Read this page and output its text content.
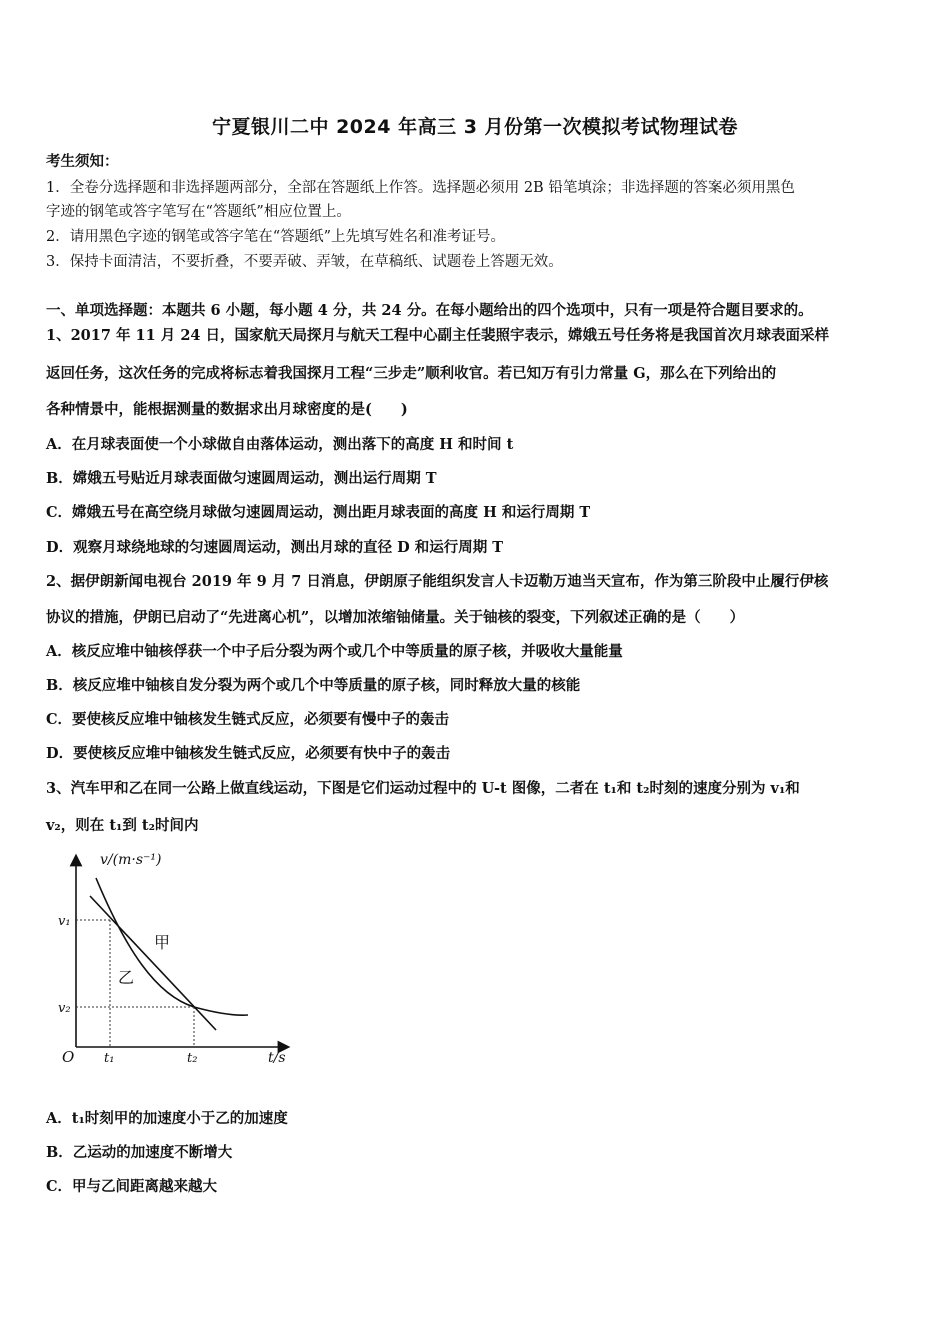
宁夏银川二中 2024 年高三 3 月份第一次模拟考试物理试卷
考生须知：
1．全卷分选择题和非选择题两部分，全部在答题纸上作答。选择题必须用 2B 铅笔填涂；非选择题的答案必须用黑色
字迹的钢笔或答字笔写在“答题纸”相应位置上。
2．请用黑色字迹的钢笔或答字笔在“答题纸”上先填写姓名和准考证号。
3．保持卡面清洁，不要折叠，不要弄破、弄皱，在草稿纸、试题卷上答题无效。
一、单项选择题：本题共 6 小题，每小题 4 分，共 24 分。在每小题给出的四个选项中，只有一项是符合题目要求的。
1、2017 年 11 月 24 日，国家航天局探月与航天工程中心副主任裴照宇表示，嫦娥五号任务将是我国首次月球表面采样
返回任务，这次任务的完成将标志着我国探月工程“三步走”顺利收官。若已知万有引力常量 G，那么在下列给出的
各种情景中，能根据测量的数据求出月球密度的是(　　)
A．在月球表面使一个小球做自由落体运动，测出落下的高度 H 和时间 t
B．嫦娥五号贴近月球表面做匀速圆周运动，测出运行周期 T
C．嫦娥五号在高空绕月球做匀速圆周运动，测出距月球表面的高度 H 和运行周期 T
D．观察月球绕地球的匀速圆周运动，测出月球的直径 D 和运行周期 T
2、据伊朗新闻电视台 2019 年 9 月 7 日消息，伊朗原子能组织发言人卡迈勒万迪当天宣布，作为第三阶段中止履行伊核
协议的措施，伊朗已启动了“先进离心机”，以增加浓缩铀储量。关于铀核的裂变，下列叙述正确的是（　　）
A．核反应堆中铀核俘获一个中子后分裂为两个或几个中等质量的原子核，并吸收大量能量
B．核反应堆中铀核自发分裂为两个或几个中等质量的原子核，同时释放大量的核能
C．要使核反应堆中铀核发生链式反应，必须要有慢中子的轰击
D．要使核反应堆中铀核发生链式反应，必须要有快中子的轰击
3、汽车甲和乙在同一公路上做直线运动，下图是它们运动过程中的 U-t 图像，二者在 t₁和 t₂时刻的速度分别为 v₁和
v₂，则在 t₁到 t₂时间内
v/(m·s⁻¹)
t/s
O
v₁
v₂
t₁	t₂
甲
乙
A．t₁时刻甲的加速度小于乙的加速度
B．乙运动的加速度不断增大
C．甲与乙间距离越来越大
